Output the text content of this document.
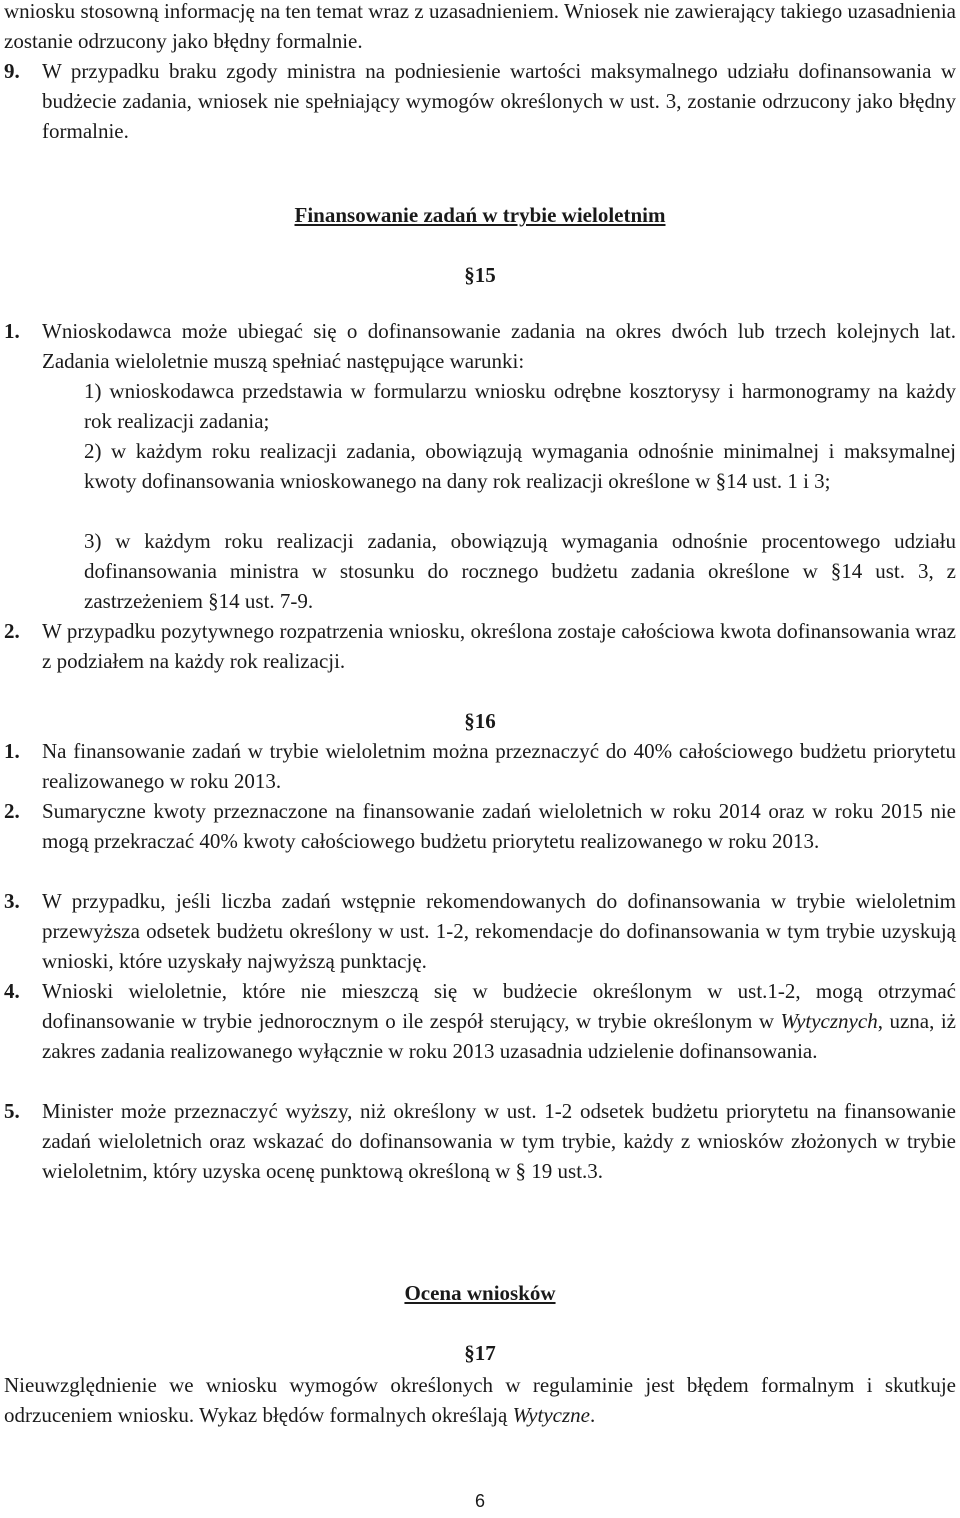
wniosku stosowną informację na ten temat wraz z uzasadnieniem. Wniosek nie zawierający takiego uzasadnienia zostanie odrzucony jako błędny formalnie.
9. W przypadku braku zgody ministra na podniesienie wartości maksymalnego udziału dofinansowania w budżecie zadania, wniosek nie spełniający wymogów określonych w ust. 3, zostanie odrzucony jako błędny formalnie.
Finansowanie zadań w trybie wieloletnim
§15
1. Wnioskodawca może ubiegać się o dofinansowanie zadania na okres dwóch lub trzech kolejnych lat. Zadania wieloletnie muszą spełniać następujące warunki:
1) wnioskodawca przedstawia w formularzu wniosku odrębne kosztorysy i harmonogramy na każdy rok realizacji zadania;
2) w każdym roku realizacji zadania, obowiązują wymagania odnośnie minimalnej i maksymalnej kwoty dofinansowania wnioskowanego na dany rok realizacji określone w §14 ust. 1 i 3;
3) w każdym roku realizacji zadania, obowiązują wymagania odnośnie procentowego udziału dofinansowania ministra w stosunku do rocznego budżetu zadania określone w §14 ust. 3, z zastrzeżeniem §14 ust. 7-9.
2. W przypadku pozytywnego rozpatrzenia wniosku, określona zostaje całościowa kwota dofinansowania wraz z podziałem na każdy rok realizacji.
§16
1. Na finansowanie zadań w trybie wieloletnim można przeznaczyć do 40% całościowego budżetu priorytetu realizowanego w roku 2013.
2. Sumaryczne kwoty przeznaczone na finansowanie zadań wieloletnich w roku 2014 oraz w roku 2015 nie mogą przekraczać 40% kwoty całościowego budżetu priorytetu realizowanego w roku 2013.
3. W przypadku, jeśli liczba zadań wstępnie rekomendowanych do dofinansowania w trybie wieloletnim przewyższa odsetek budżetu określony w ust. 1-2, rekomendacje do dofinansowania w tym trybie uzyskują wnioski, które uzyskały najwyższą punktację.
4. Wnioski wieloletnie, które nie mieszczą się w budżecie określonym w ust.1-2, mogą otrzymać dofinansowanie w trybie jednorocznym o ile zespół sterujący, w trybie określonym w Wytycznych, uzna, iż zakres zadania realizowanego wyłącznie w roku 2013 uzasadnia udzielenie dofinansowania.
5. Minister może przeznaczyć wyższy, niż określony w ust. 1-2 odsetek budżetu priorytetu na finansowanie zadań wieloletnich oraz wskazać do dofinansowania w tym trybie, każdy z wniosków złożonych w trybie wieloletnim, który uzyska ocenę punktową określoną w § 19 ust.3.
Ocena wniosków
§17
Nieuwzględnienie we wniosku wymogów określonych w regulaminie jest błędem formalnym i skutkuje odrzuceniem wniosku. Wykaz błędów formalnych określają Wytyczne.
6
